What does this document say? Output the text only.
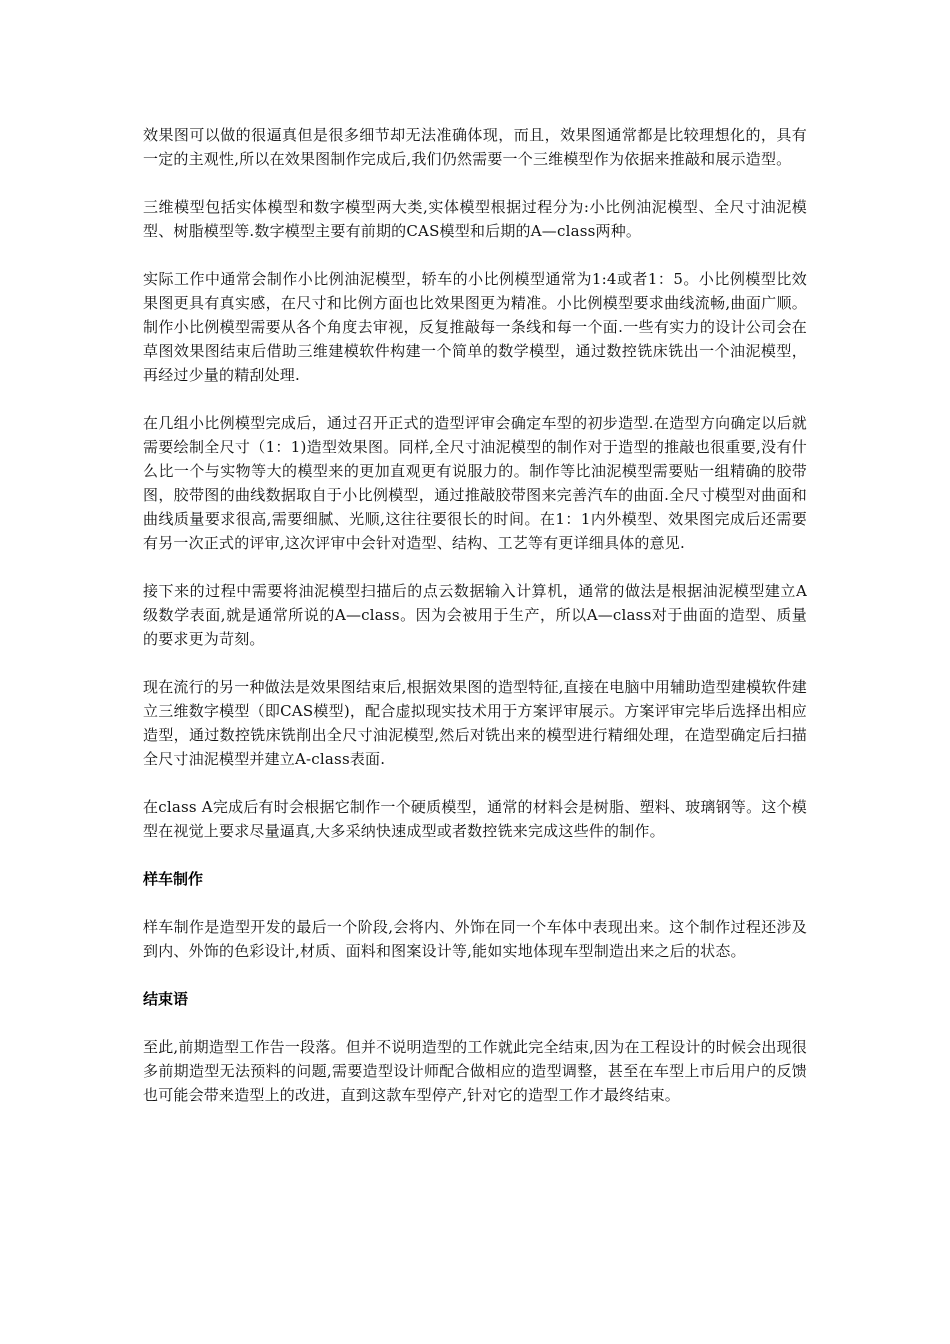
效果图可以做的很逼真但是很多细节却无法准确体现，而且，效果图通常都是比较理想化的，具有一定的主观性,所以在效果图制作完成后,我们仍然需要一个三维模型作为依据来推敲和展示造型。

三维模型包括实体模型和数字模型两大类,实体模型根据过程分为:小比例油泥模型、全尺寸油泥模型、树脂模型等.数字模型主要有前期的CAS模型和后期的A—class两种。

实际工作中通常会制作小比例油泥模型，轿车的小比例模型通常为1:4或者1：5。小比例模型比效果图更具有真实感，在尺寸和比例方面也比效果图更为精准。小比例模型要求曲线流畅,曲面广顺。制作小比例模型需要从各个角度去审视，反复推敲每一条线和每一个面.一些有实力的设计公司会在草图效果图结束后借助三维建模软件构建一个简单的数学模型，通过数控铣床铣出一个油泥模型，再经过少量的精刮处理.

在几组小比例模型完成后，通过召开正式的造型评审会确定车型的初步造型.在造型方向确定以后就需要绘制全尺寸（1：1)造型效果图。同样,全尺寸油泥模型的制作对于造型的推敲也很重要,没有什么比一个与实物等大的模型来的更加直观更有说服力的。制作等比油泥模型需要贴一组精确的胶带图，胶带图的曲线数据取自于小比例模型，通过推敲胶带图来完善汽车的曲面.全尺寸模型对曲面和曲线质量要求很高,需要细腻、光顺,这往往要很长的时间。在1：1内外模型、效果图完成后还需要有另一次正式的评审,这次评审中会针对造型、结构、工艺等有更详细具体的意见.

接下来的过程中需要将油泥模型扫描后的点云数据输入计算机，通常的做法是根据油泥模型建立A级数学表面,就是通常所说的A—class。因为会被用于生产，所以A—class对于曲面的造型、质量的要求更为苛刻。

现在流行的另一种做法是效果图结束后,根据效果图的造型特征,直接在电脑中用辅助造型建模软件建立三维数字模型（即CAS模型)，配合虚拟现实技术用于方案评审展示。方案评审完毕后选择出相应造型，通过数控铣床铣削出全尺寸油泥模型,然后对铣出来的模型进行精细处理，在造型确定后扫描全尺寸油泥模型并建立A-class表面.

在class A完成后有时会根据它制作一个硬质模型，通常的材料会是树脂、塑料、玻璃钢等。这个模型在视觉上要求尽量逼真,大多采纳快速成型或者数控铣来完成这些件的制作。

样车制作

样车制作是造型开发的最后一个阶段,会将内、外饰在同一个车体中表现出来。这个制作过程还涉及到内、外饰的色彩设计,材质、面料和图案设计等,能如实地体现车型制造出来之后的状态。

结束语

至此,前期造型工作告一段落。但并不说明造型的工作就此完全结束,因为在工程设计的时候会出现很多前期造型无法预料的问题,需要造型设计师配合做相应的造型调整，甚至在车型上市后用户的反馈也可能会带来造型上的改进，直到这款车型停产,针对它的造型工作才最终结束。
